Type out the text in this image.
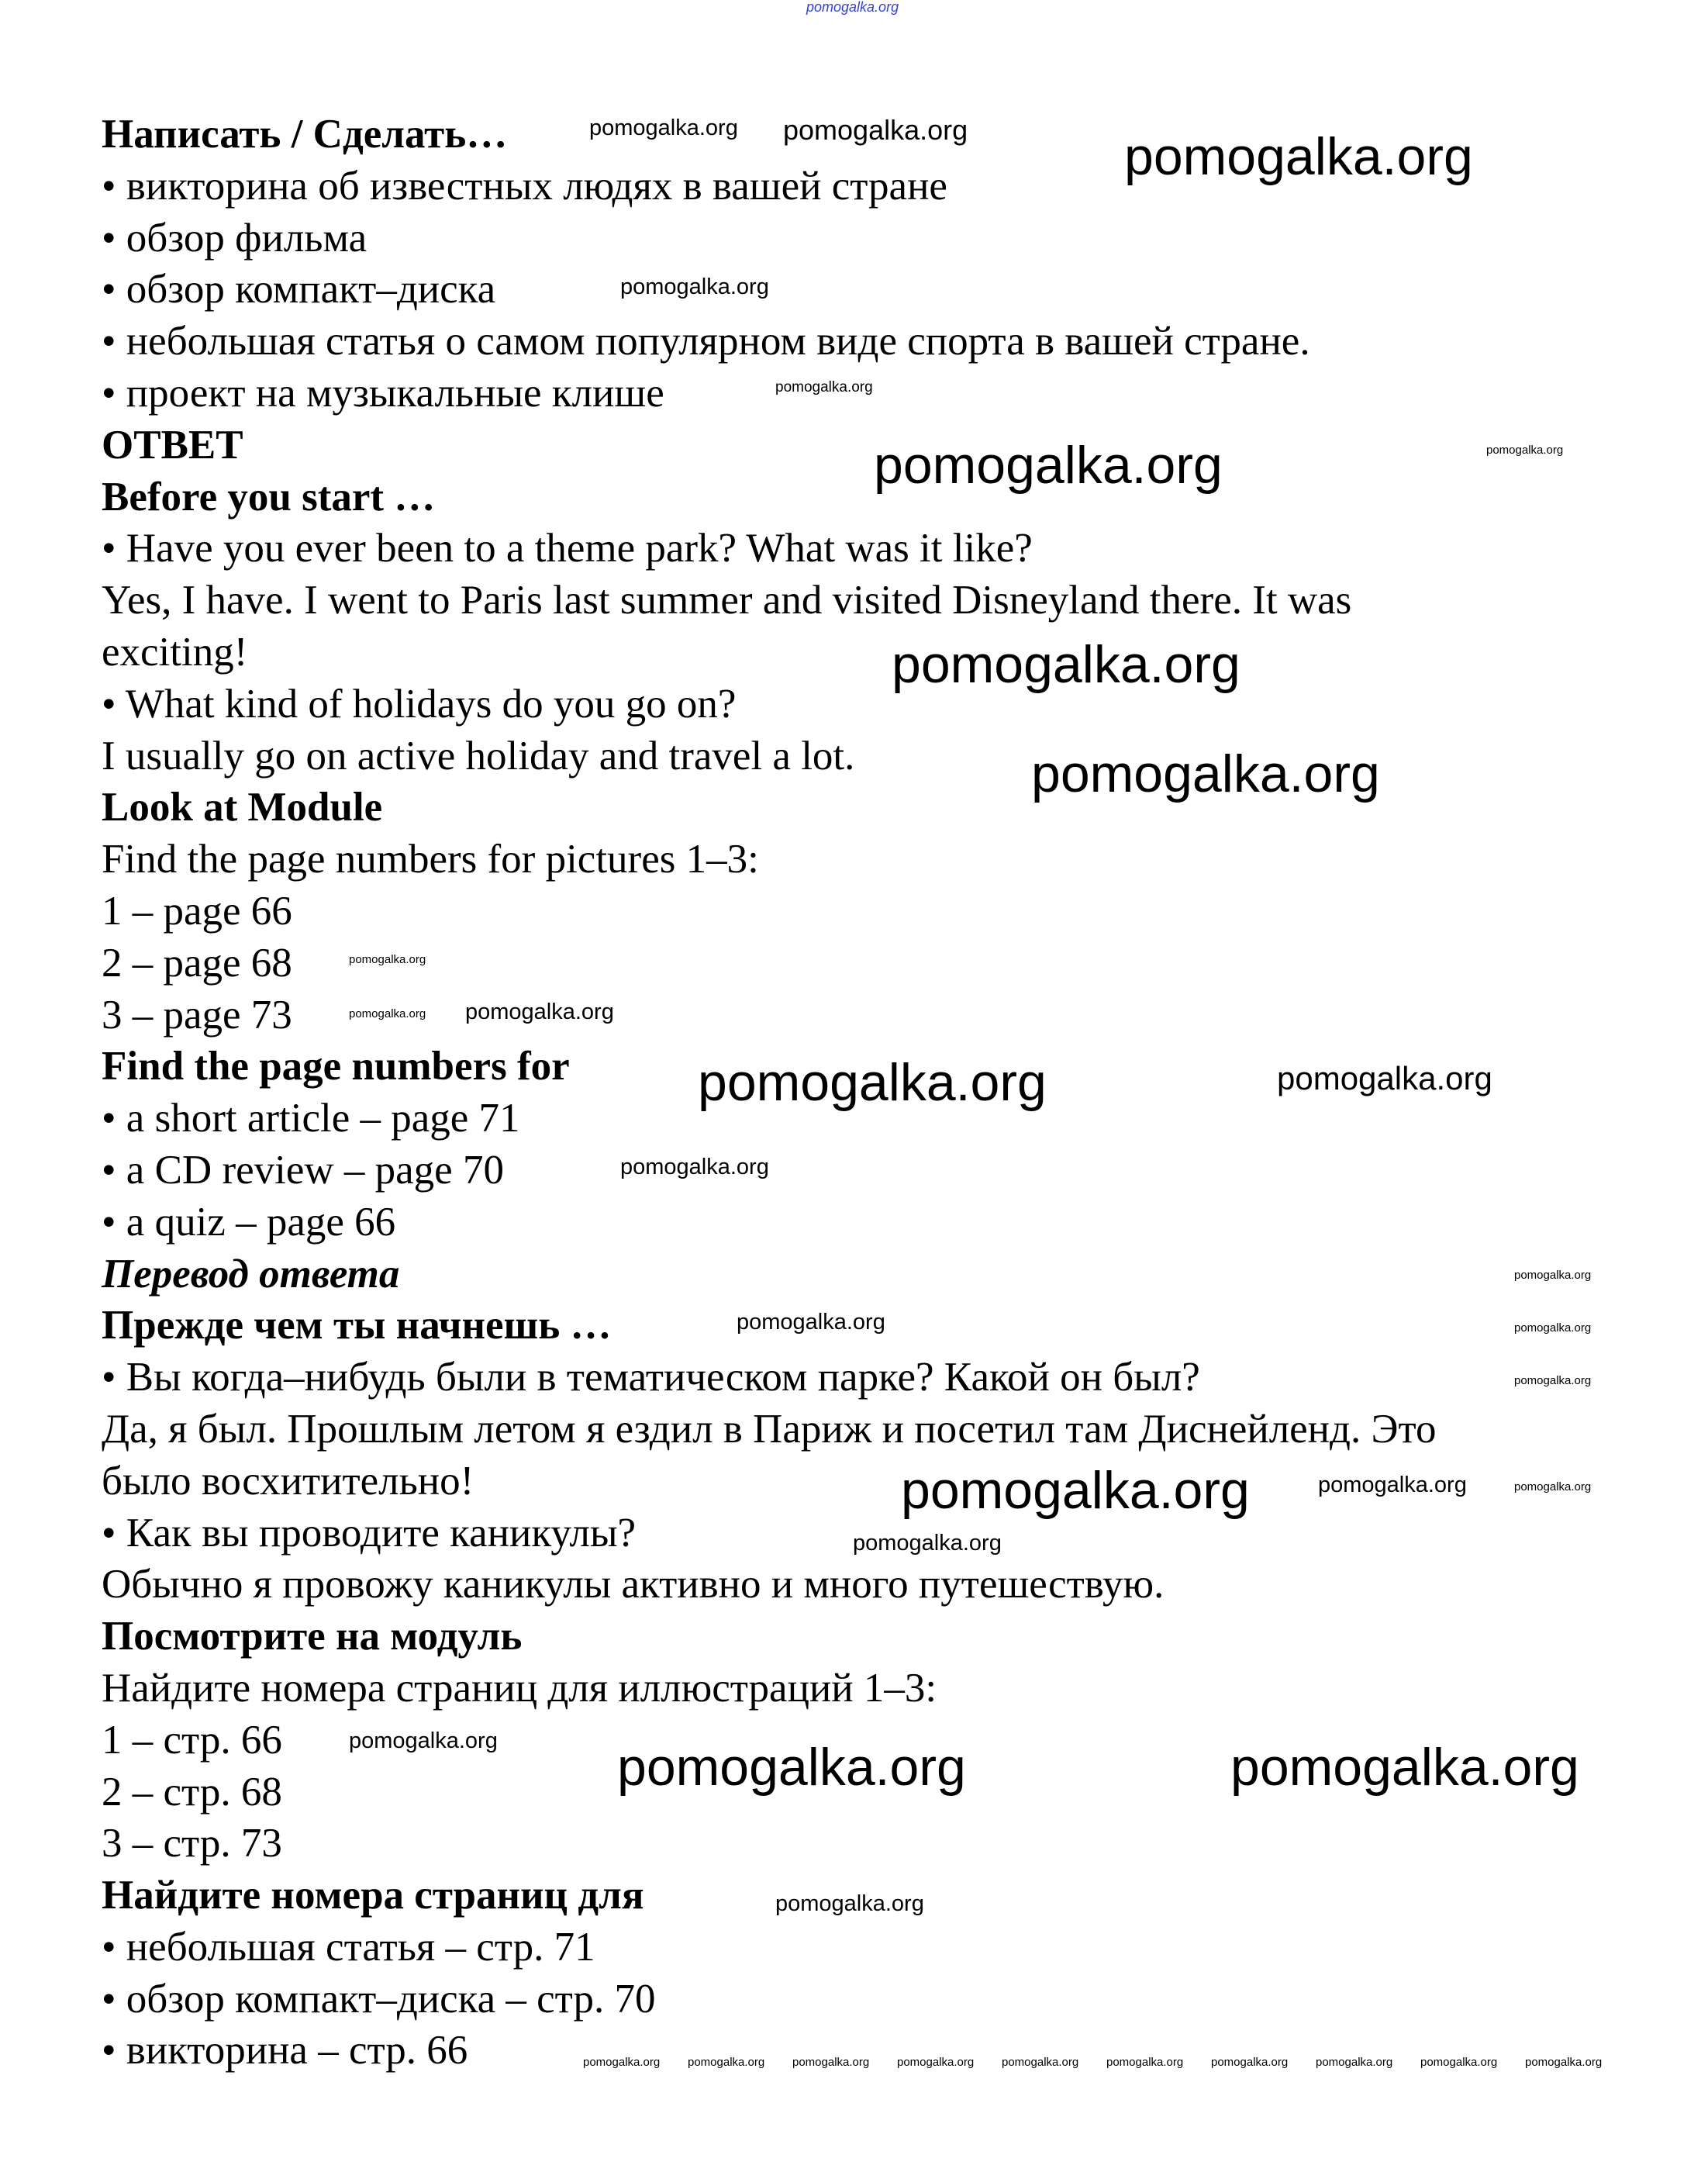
Написать / Сделать…
• викторина об известных людях в вашей стране
• обзор фильма
• обзор компакт–диска
• небольшая статья о самом популярном виде спорта в вашей стране.
• проект на музыкальные клише
ОТВЕТ
Before you start …
• Have you ever been to a theme park? What was it like?
Yes, I have. I went to Paris last summer and visited Disneyland there. It was
exciting!
• What kind of holidays do you go on?
I usually go on active holiday and travel a lot.
Look at Module
Find the page numbers for pictures 1–3:
1 – page 66
2 – page 68
3 – page 73
Find the page numbers for
• a short article – page 71
• a CD review – page 70
• a quiz – page 66
Перевод ответа
Прежде чем ты начнешь …
• Вы когда–нибудь были в тематическом парке? Какой он был?
Да, я был. Прошлым летом я ездил в Париж и посетил там Диснейленд. Это
было восхитительно!
• Как вы проводите каникулы?
Обычно я провожу каникулы активно и много путешествую.
Посмотрите на модуль
Найдите номера страниц для иллюстраций 1–3:
1 – стр. 66
2 – стр. 68
3 – стр. 73
Найдите номера страниц для
• небольшая статья – стр. 71
• обзор компакт–диска – стр. 70
• викторина – стр. 66
pomogalka.org
pomogalka.org
pomogalka.org
pomogalka.org
pomogalka.org
pomogalka.org
pomogalka.org
pomogalka.org	pomogalka.org
pomogalka.org
pomogalka.org pomogalka.org
pomogalka.org
pomogalka.org
pomogalka.org
pomogalka.org
pomogalka.org
pomogalka.org
pomogalka.org
pomogalka.org
pomogalka.org
pomogalka.org
pomogalka.org
pomogalka.org
pomogalka.org
pomogalka.org
pomogalka.org
pomogalka.org
pomogalka.org pomogalka.org pomogalka.org pomogalka.org pomogalka.org pomogalka.org pomogalka.org pomogalka.org pomogalka.org pomogalka.org
